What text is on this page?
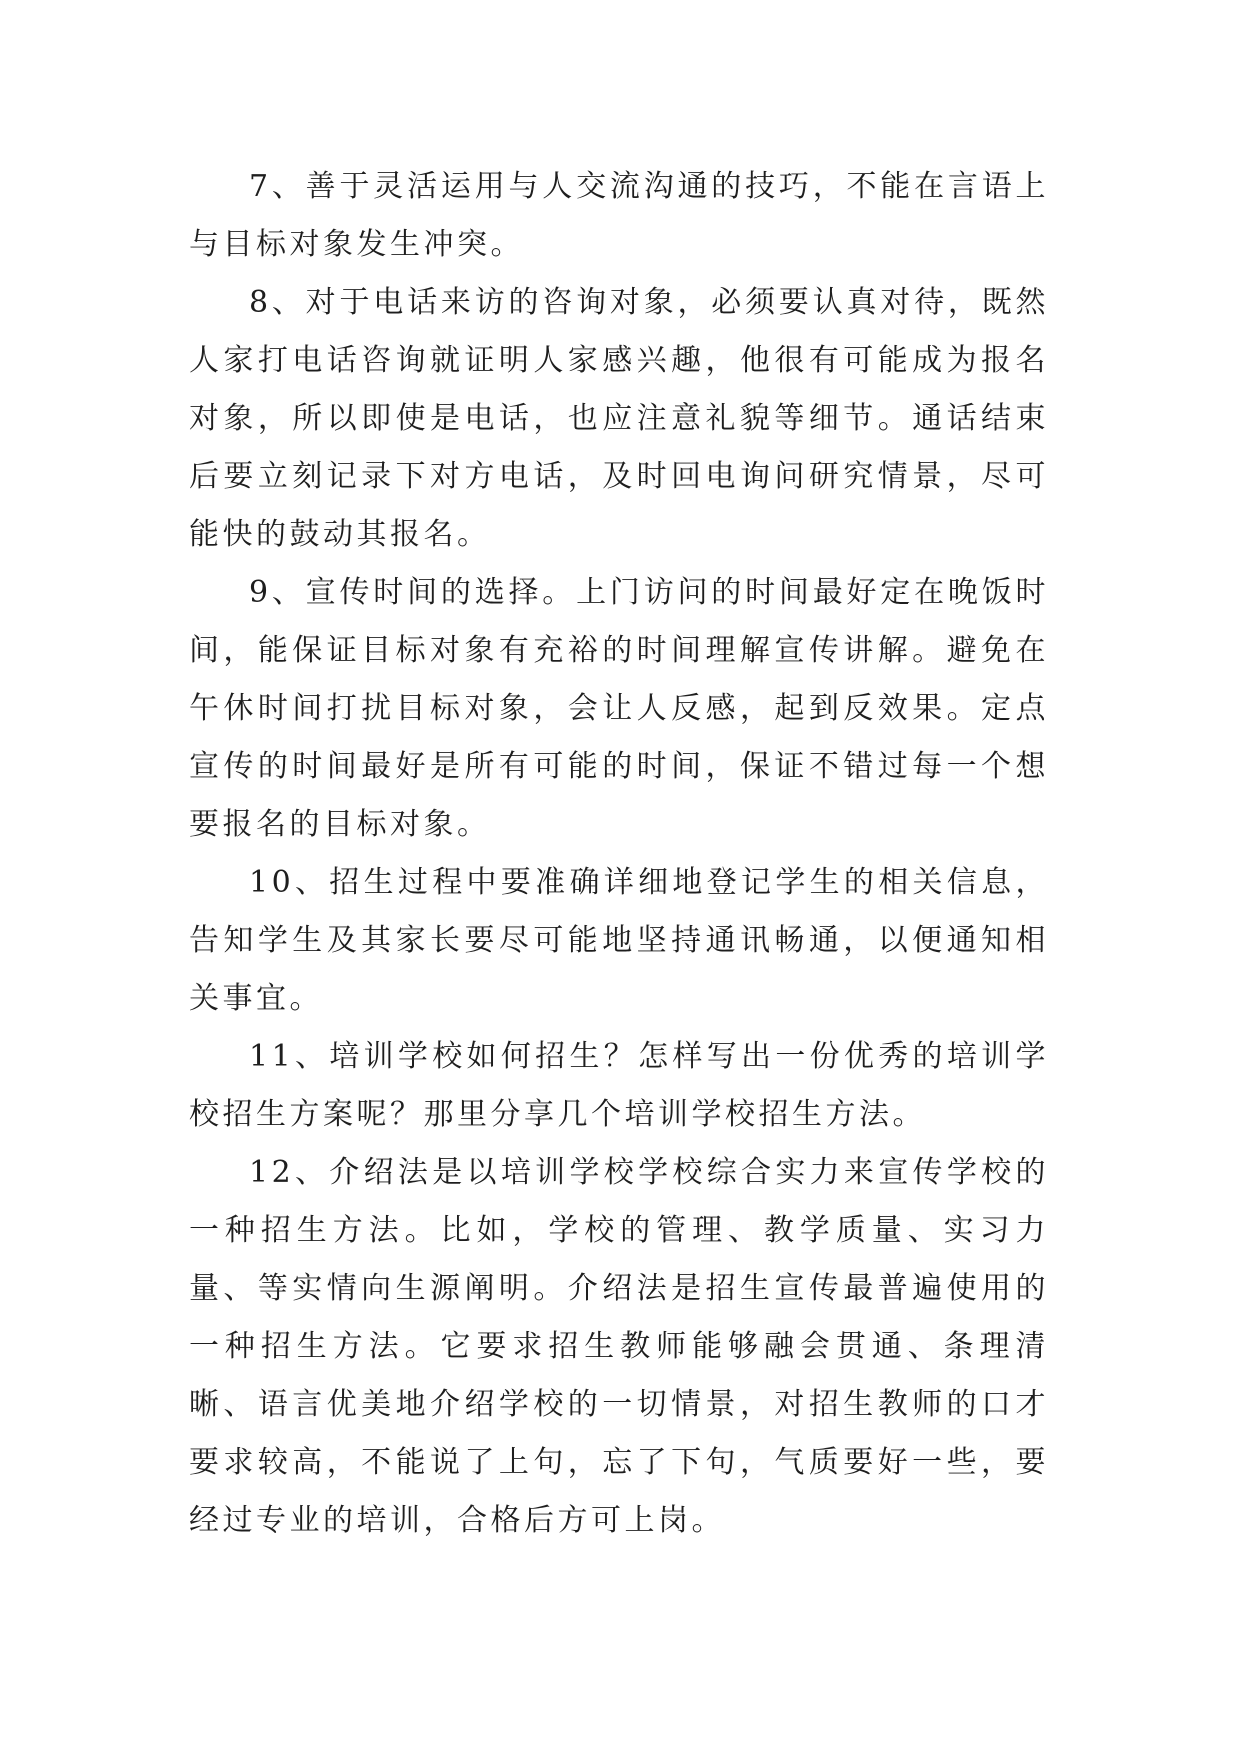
7、善于灵活运用与人交流沟通的技巧，不能在言语上与目标对象发生冲突。

8、对于电话来访的咨询对象，必须要认真对待，既然人家打电话咨询就证明人家感兴趣，他很有可能成为报名对象，所以即使是电话，也应注意礼貌等细节。通话结束后要立刻记录下对方电话，及时回电询问研究情景，尽可能快的鼓动其报名。

9、宣传时间的选择。上门访问的时间最好定在晚饭时间，能保证目标对象有充裕的时间理解宣传讲解。避免在午休时间打扰目标对象，会让人反感，起到反效果。定点宣传的时间最好是所有可能的时间，保证不错过每一个想要报名的目标对象。

10、招生过程中要准确详细地登记学生的相关信息，告知学生及其家长要尽可能地坚持通讯畅通，以便通知相关事宜。

11、培训学校如何招生？怎样写出一份优秀的培训学校招生方案呢？那里分享几个培训学校招生方法。

12、介绍法是以培训学校学校综合实力来宣传学校的一种招生方法。比如，学校的管理、教学质量、实习力量、等实情向生源阐明。介绍法是招生宣传最普遍使用的一种招生方法。它要求招生教师能够融会贯通、条理清晰、语言优美地介绍学校的一切情景，对招生教师的口才要求较高，不能说了上句，忘了下句，气质要好一些，要经过专业的培训，合格后方可上岗。
